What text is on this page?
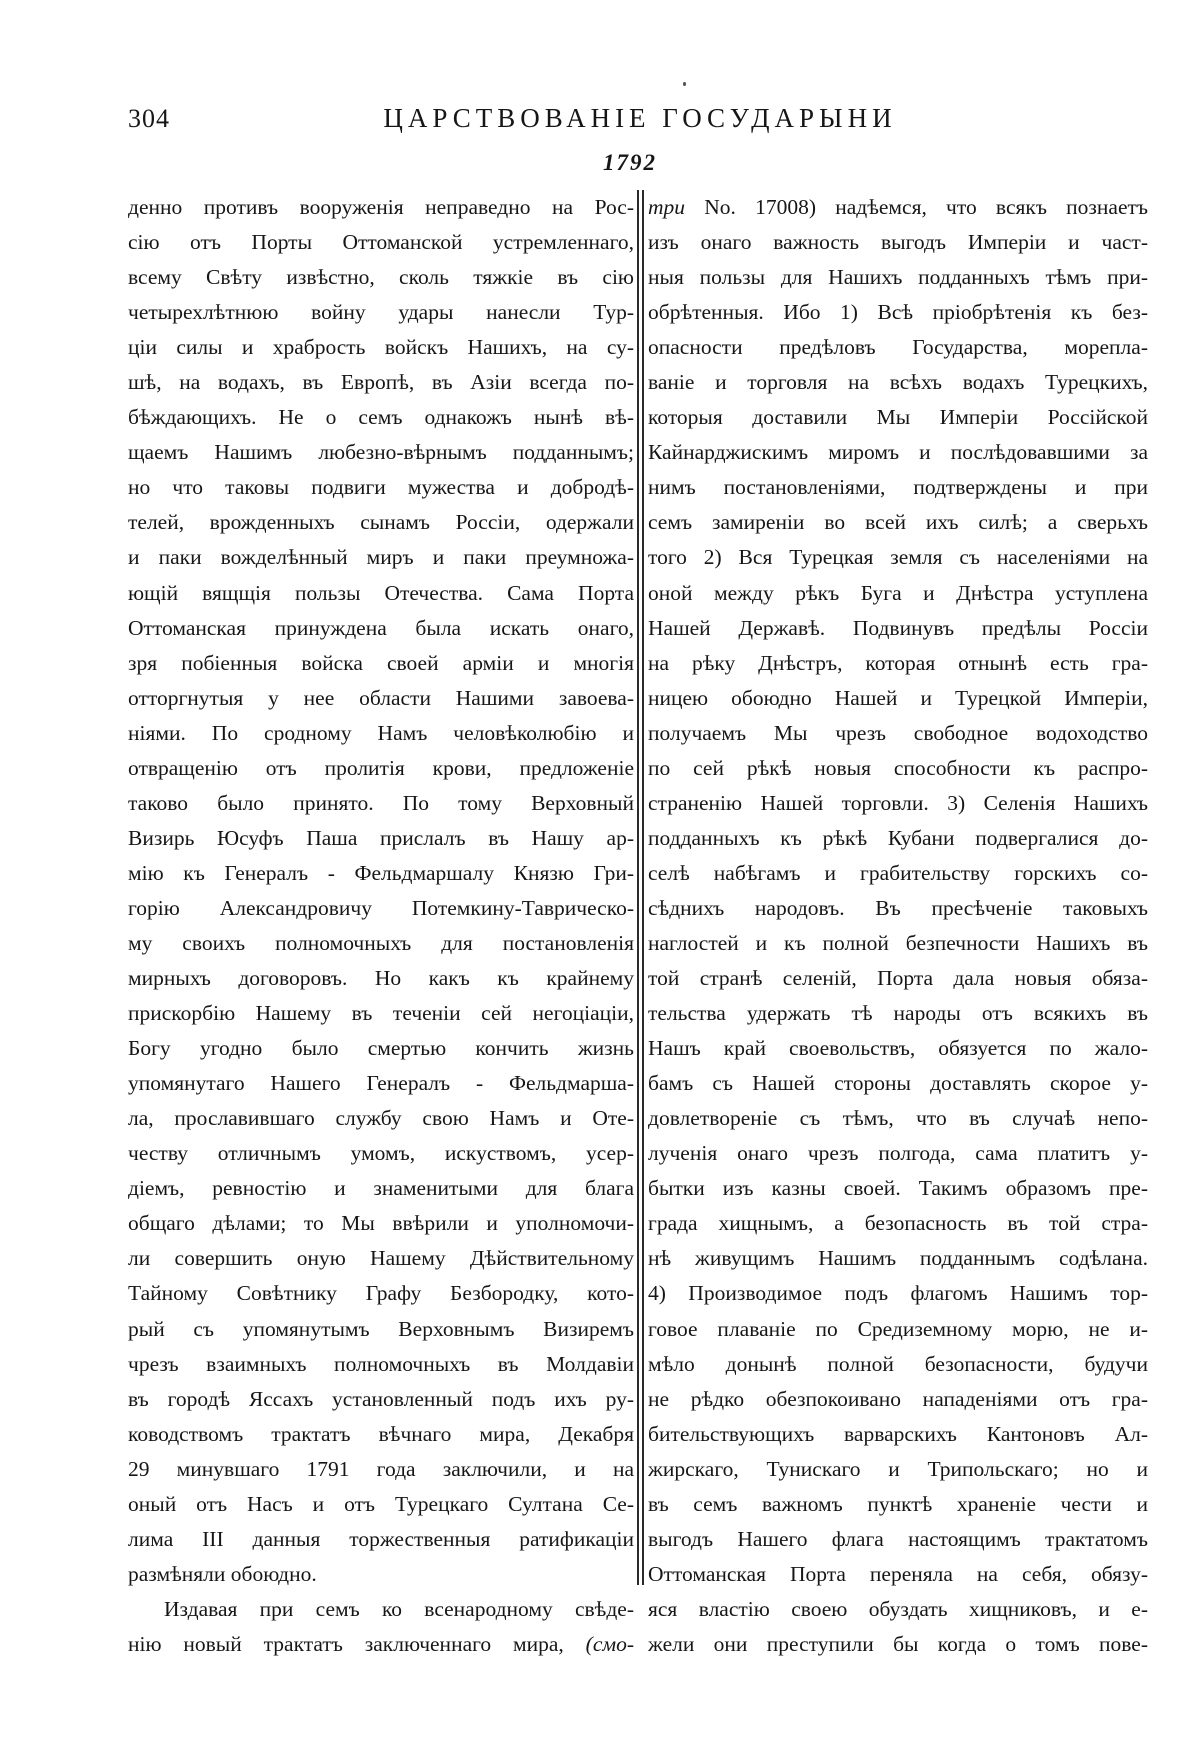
304	ЦАРСТВОВАНІЕ ГОСУДАРЫНИ
1792
денно противъ вооруженія неправедно на Рос-
сію отъ Порты Оттоманской устремленнаго,
всему Свѣту извѣстно, сколь тяжкіе въ сію
четырехлѣтнюю войну удары нанесли Тур-
ціи силы и храбрость войскъ Нашихъ, на су-
шѣ, на водахъ, въ Европѣ, въ Азіи всегда по-
бѣждающихъ. Не о семъ однакожъ нынѣ вѣ-
щаемъ Нашимъ любезно-вѣрнымъ подданнымъ;
но что таковы подвиги мужества и добродѣ-
телей, врожденныхъ сынамъ Россіи, одержали
и паки вожделѣнный миръ и паки преумножа-
ющій вящщія пользы Отечества. Сама Порта
Оттоманская принуждена была искать онаго,
зря побіенныя войска своей арміи и многія
отторгнутыя у нее области Нашими завоева-
ніями. По сродному Намъ человѣколюбію и
отвращенію отъ пролитія крови, предложеніе
таково было принято. По тому Верховный
Визирь Юсуфъ Паша прислалъ въ Нашу ар-
мію къ Генералъ - Фельдмаршалу Князю Гри-
горію Александровичу Потемкину-Таврическо-
му своихъ полномочныхъ для постановленія
мирныхъ договоровъ. Но какъ къ крайнему
прискорбію Нашему въ теченіи сей негоціаціи,
Богу угодно было смертью кончить жизнь
упомянутаго Нашего Генералъ - Фельдмарша-
ла, прославившаго службу свою Намъ и Оте-
честву отличнымъ умомъ, искуствомъ, усер-
діемъ, ревностію и знаменитыми для блага
общаго дѣлами; то Мы ввѣрили и уполномочи-
ли совершить оную Нашему Дѣйствительному
Тайному Совѣтнику Графу Безбородку, кото-
рый съ упомянутымъ Верховнымъ Визиремъ
чрезъ взаимныхъ полномочныхъ въ Молдавіи
въ городѣ Яссахъ установленный подъ ихъ ру-
ководствомъ трактатъ вѣчнаго мира, Декабря
29 минувшаго 1791 года заключили, и на
оный отъ Насъ и отъ Турецкаго Султана Се-
лима III данныя торжественныя ратификаціи
размѣняли обоюдно.
Издавая при семъ ко всенародному свѣде-
нію новый трактатъ заключеннаго мира, (смо-
три No. 17008) надѣемся, что всякъ познаетъ
изъ онаго важность выгодъ Имперіи и част-
ныя пользы для Нашихъ подданныхъ тѣмъ при-
обрѣтенныя. Ибо 1) Всѣ пріобрѣтенія къ без-
опасности предѣловъ Государства, морепла-
ваніе и торговля на всѣхъ водахъ Турецкихъ,
которыя доставили Мы Имперіи Россійской
Кайнарджискимъ миромъ и послѣдовавшими за
нимъ постановленіями, подтверждены и при
семъ замиреніи во всей ихъ силѣ; а сверьхъ
того 2) Вся Турецкая земля съ населеніями на
оной между рѣкъ Буга и Днѣстра уступлена
Нашей Державѣ. Подвинувъ предѣлы Россіи
на рѣку Днѣстръ, которая отнынѣ есть гра-
ницею обоюдно Нашей и Турецкой Имперіи,
получаемъ Мы чрезъ свободное водоходство
по сей рѣкѣ новыя способности къ распро-
страненію Нашей торговли. 3) Селенія Нашихъ
подданныхъ къ рѣкѣ Кубани подвергалися до-
селѣ набѣгамъ и грабительству горскихъ со-
сѣднихъ народовъ. Въ пресѣченіе таковыхъ
наглостей и къ полной безпечности Нашихъ въ
той странѣ селеній, Порта дала новыя обяза-
тельства удержать тѣ народы отъ всякихъ въ
Нашъ край своевольствъ, обязуется по жало-
бамъ съ Нашей стороны доставлять скорое у-
довлетвореніе съ тѣмъ, что въ случаѣ непо-
лученія онаго чрезъ полгода, сама платитъ у-
бытки изъ казны своей. Такимъ образомъ пре-
града хищнымъ, а безопасность въ той стра-
нѣ живущимъ Нашимъ подданнымъ содѣлана.
4) Производимое подъ флагомъ Нашимъ тор-
говое плаваніе по Средиземному морю, не и-
мѣло донынѣ полной безопасности, будучи
не рѣдко обезпокоивано нападеніями отъ гра-
бительствующихъ варварскихъ Кантоновъ Ал-
жирскаго, Тунискаго и Трипольскаго; но и
въ семъ важномъ пунктѣ храненіе чести и
выгодъ Нашего флага настоящимъ трактатомъ
Оттоманская Порта переняла на себя, обязу-
яся властію своею обуздать хищниковъ, и е-
жели они преступили бы когда о томъ пове-
